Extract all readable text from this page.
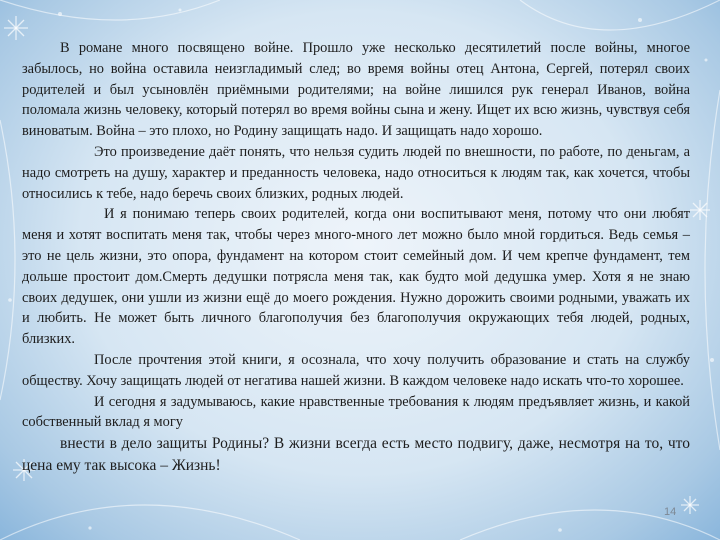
В романе много посвящено войне. Прошло уже несколько десятилетий после войны, многое забылось, но война оставила неизгладимый след; во время войны отец Антона, Сергей, потерял своих родителей и был усыновлён приёмными родителями; на войне лишился рук генерал Иванов, война поломала жизнь человеку, который потерял во время войны сына и жену. Ищет их всю жизнь, чувствуя себя виноватым. Война – это плохо, но Родину защищать надо. И защищать надо хорошо.

Это произведение даёт понять, что нельзя судить людей по внешности, по работе, по деньгам, а надо смотреть на душу, характер и преданность человека, надо относиться к людям так, как хочется, чтобы относились к тебе, надо беречь своих близких, родных людей.

И я понимаю теперь своих родителей, когда они воспитывают меня, потому что они любят меня и хотят воспитать меня так, чтобы через много-много лет можно было мной гордиться. Ведь семья – это не цель жизни, это опора, фундамент на котором стоит семейный дом. И чем крепче фундамент, тем дольше простоит дом.Смерть дедушки потрясла меня так, как будто мой дедушка умер. Хотя я не знаю своих дедушек, они ушли из жизни ещё до моего рождения. Нужно дорожить своими родными, уважать их и любить. Не может быть личного благополучия без благополучия окружающих тебя людей, родных, близких.

После прочтения этой книги, я осознала, что хочу получить образование и стать на службу обществу. Хочу защищать людей от негатива нашей жизни. В каждом человеке надо искать что-то хорошее.

И сегодня я задумываюсь, какие нравственные требования к людям предъявляет жизнь, и какой собственный вклад я могу

внести в дело защиты Родины? В жизни всегда есть место подвигу, даже, несмотря на то, что цена ему так высока – Жизнь!

14
